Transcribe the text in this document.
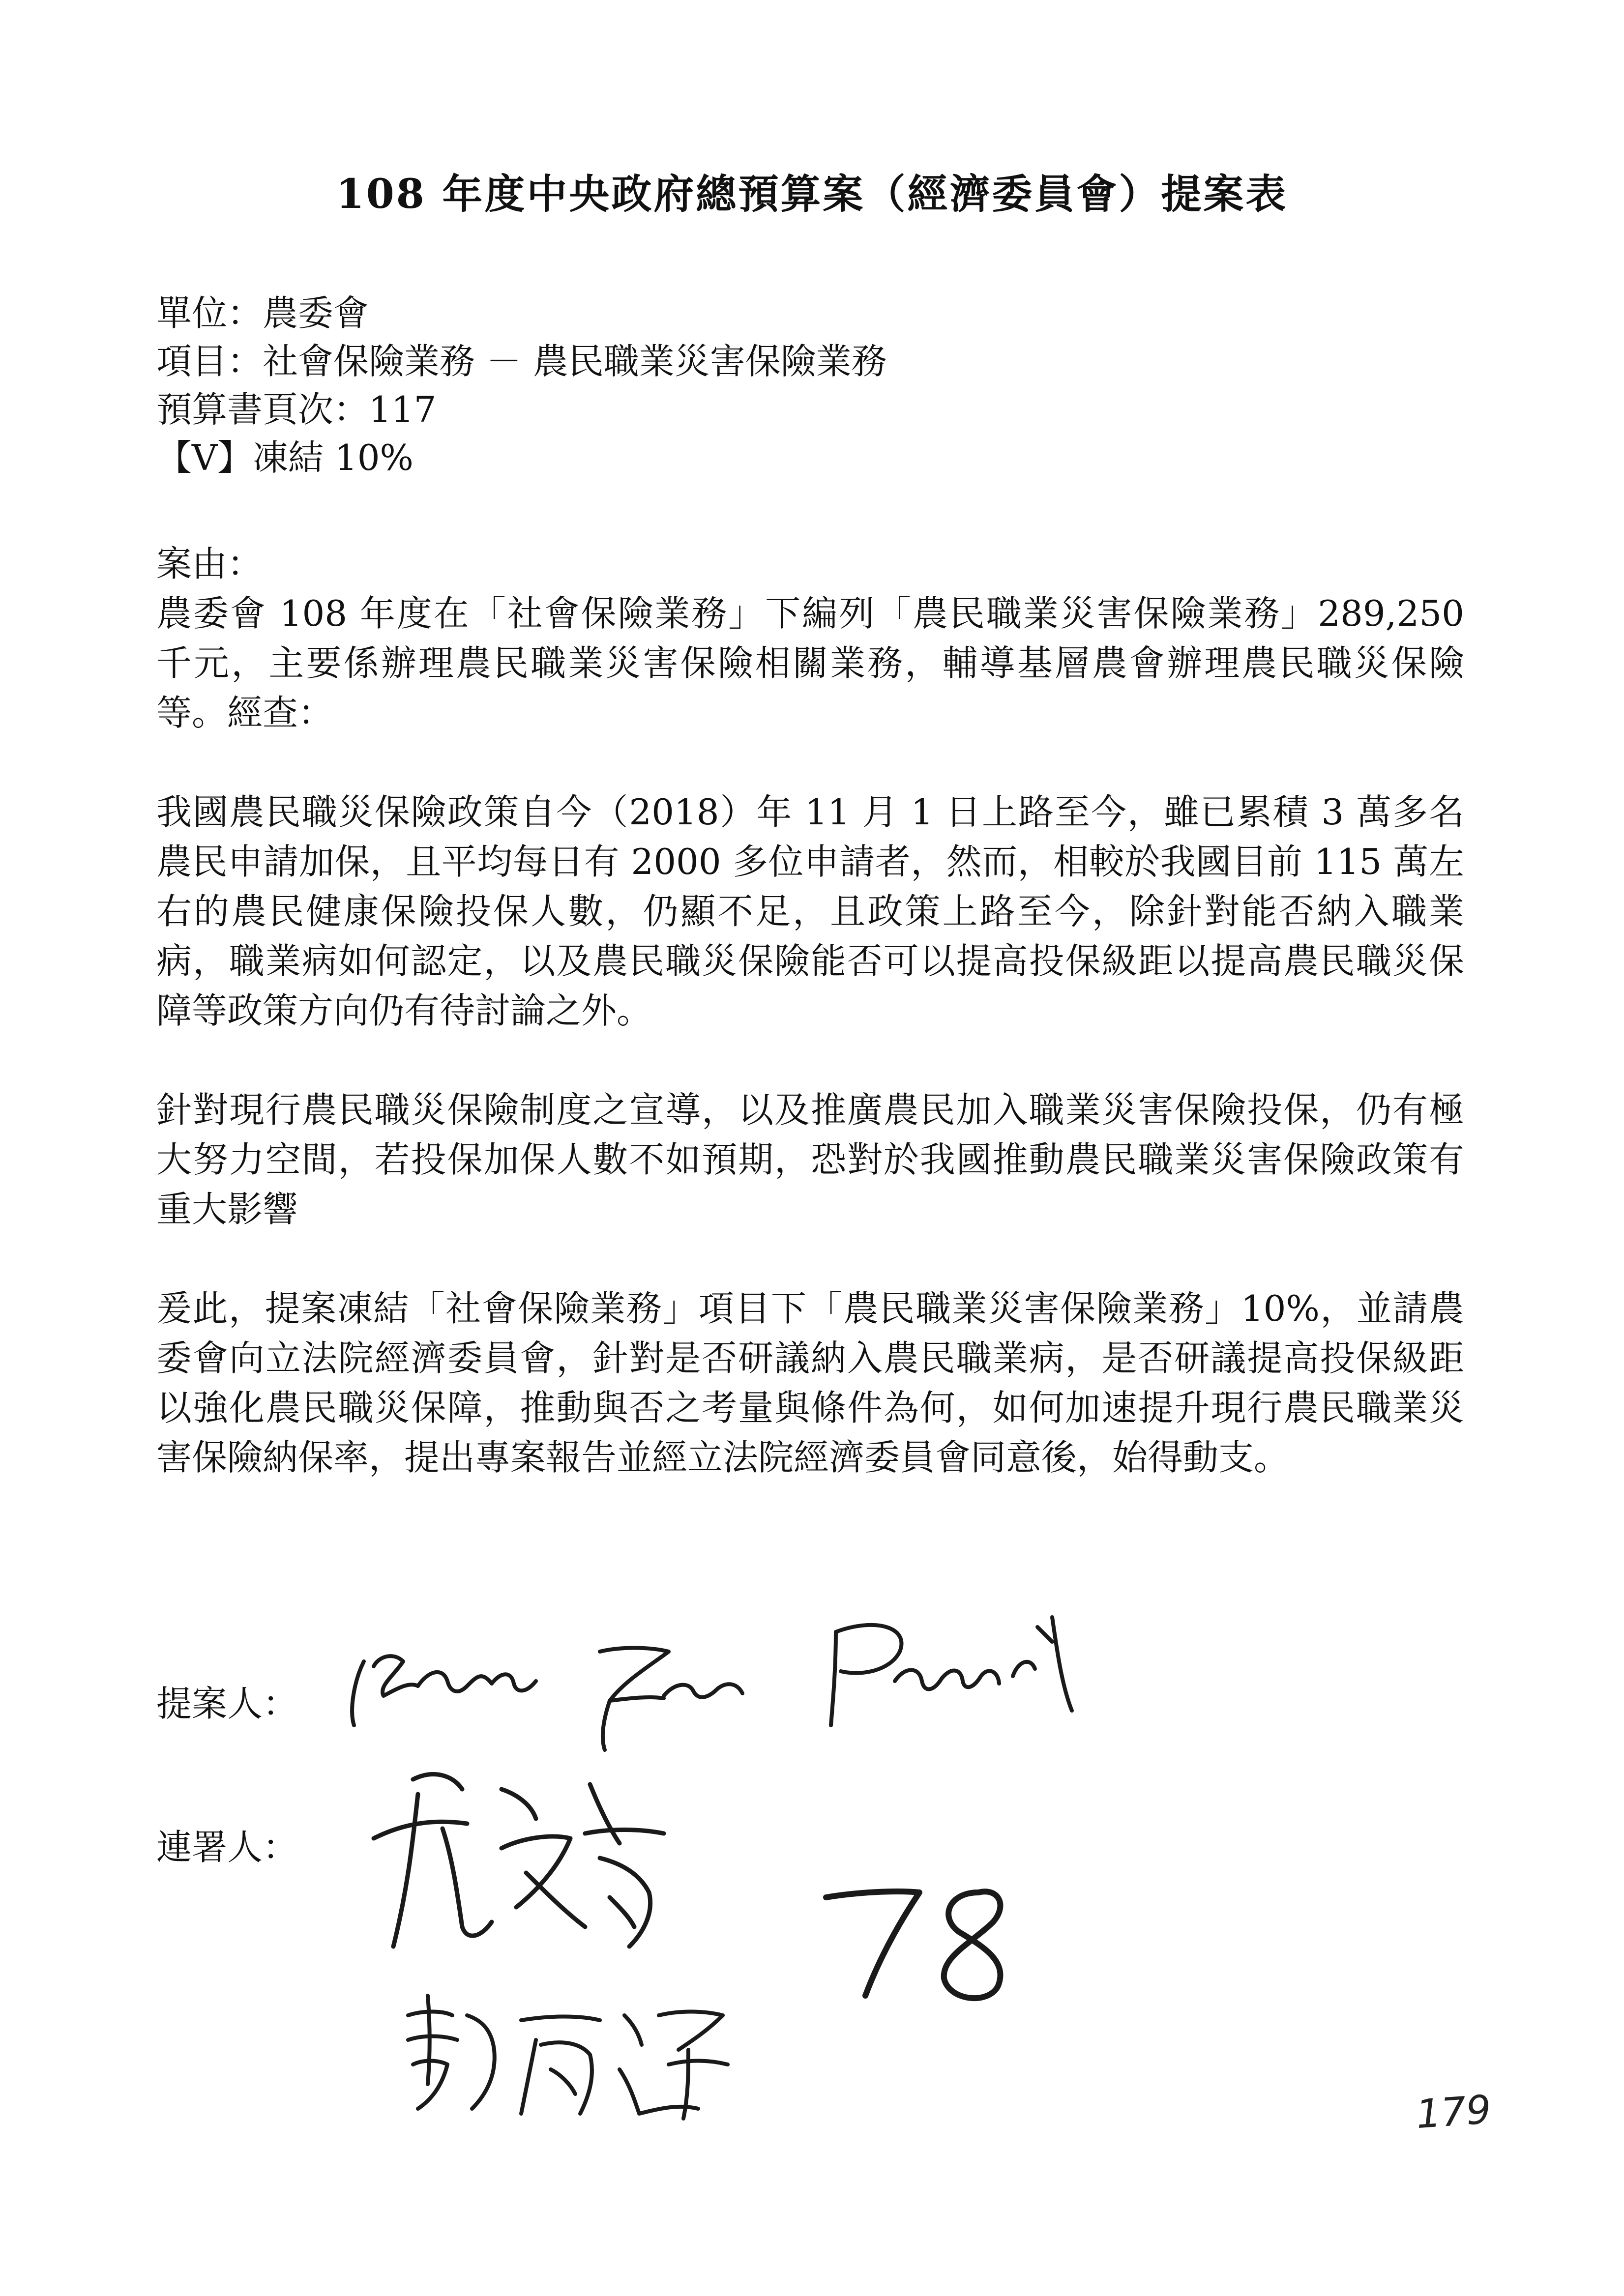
108 年度中央政府總預算案（經濟委員會）提案表
單位：農委會
項目：社會保險業務 － 農民職業災害保險業務
預算書頁次：117
【V】凍結 10%

案由：

農委會 108 年度在「社會保險業務」下編列「農民職業災害保險業務」289,250 千元，主要係辦理農民職業災害保險相關業務，輔導基層農會辦理農民職災保險等。經查：

我國農民職災保險政策自今（2018）年 11 月 1 日上路至今，雖已累積 3 萬多名農民申請加保，且平均每日有 2000 多位申請者，然而，相較於我國目前 115 萬左右的農民健康保險投保人數，仍顯不足，且政策上路至今，除針對能否納入職業病，職業病如何認定，以及農民職災保險能否可以提高投保級距以提高農民職災保障等政策方向仍有待討論之外。

針對現行農民職災保險制度之宣導，以及推廣農民加入職業災害保險投保，仍有極大努力空間，若投保加保人數不如預期，恐對於我國推動農民職業災害保險政策有重大影響

爰此，提案凍結「社會保險業務」項目下「農民職業災害保險業務」10%，並請農委會向立法院經濟委員會，針對是否研議納入農民職業病，是否研議提高投保級距以強化農民職災保障，推動與否之考量與條件為何，如何加速提升現行農民職業災害保險納保率，提出專案報告並經立法院經濟委員會同意後，始得動支。

提案人：
連署人：
179
